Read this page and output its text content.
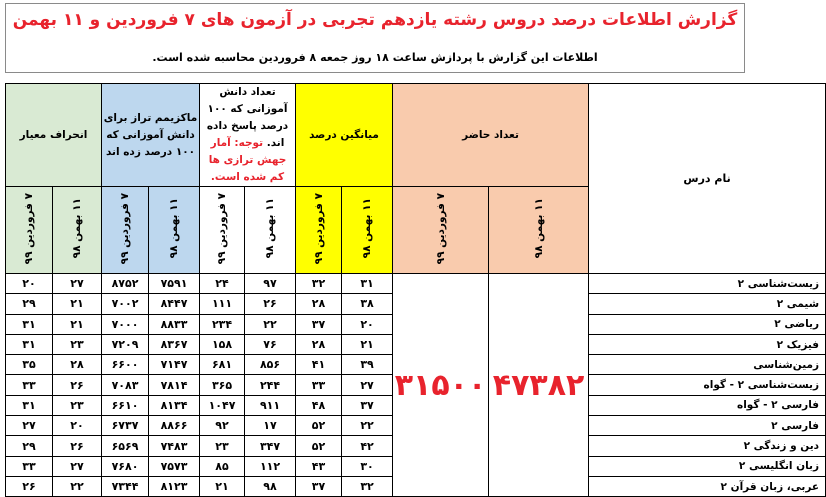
گزارش اطلاعات درصد دروس رشته یازدهم تجربی در آزمون های ۷ فروردین و ۱۱ بهمن
اطلاعات این گزارش با پردازش ساعت ۱۸ روز جمعه ۸ فروردین محاسبه شده است.
نام درس	تعداد حاضر		میانگین درصد		تعداد دانش آموزانی که ۱۰۰ درصد پاسخ داده اند. توجه: آمار جهش ترازی ها کم شده است.		ماکزیمم تراز برای دانش آموزانی که ۱۰۰ درصد زده اند		انحراف معیار	
	۱۱ بهمن ۹۸	۷ فروردین ۹۹	۱۱ بهمن ۹۸	۷ فروردین ۹۹	۱۱ بهمن ۹۸	۷ فروردین ۹۹	۱۱ بهمن ۹۸	۷ فروردین ۹۹	۱۱ بهمن ۹۸	۷ فروردین ۹۹
زیست‌شناسی ۲	۴۷۳۸۲	۳۱۵۰۰	۳۱	۳۲	۹۷	۲۴	۷۵۹۱	۸۷۵۲	۲۷	۲۰
شیمی ۲			۳۸	۲۸	۲۶	۱۱۱	۸۴۴۷	۷۰۰۲	۲۱	۲۹
ریاضی ۲			۲۰	۳۷	۲۲	۲۳۴	۸۸۳۳	۷۰۰۰	۲۱	۳۱
فیزیک ۲			۲۱	۲۸	۷۶	۱۵۸	۸۳۶۷	۷۲۰۹	۲۳	۳۱
زمین‌شناسی			۳۹	۴۱	۸۵۶	۶۸۱	۷۱۴۷	۶۶۰۰	۲۸	۳۵
زیست‌شناسی ۲ - گواه			۲۷	۳۳	۲۴۴	۳۶۵	۷۸۱۴	۷۰۸۳	۲۶	۳۳
فارسی ۲ - گواه			۳۷	۴۸	۹۱۱	۱۰۴۷	۸۱۳۴	۶۶۱۰	۲۳	۳۱
فارسی ۲			۲۲	۵۲	۱۷	۹۲	۸۸۶۶	۶۷۳۷	۲۰	۲۷
دین و زندگی ۲			۴۲	۵۲	۳۴۷	۲۳	۷۴۸۳	۶۵۶۹	۲۶	۲۹
زبان انگلیسی ۲			۳۰	۴۳	۱۱۲	۸۵	۷۵۷۳	۷۶۸۰	۲۷	۳۳
عربی، زبان قرآن ۲			۳۲	۳۷	۹۸	۲۱	۸۱۲۳	۷۳۴۴	۲۲	۲۶
